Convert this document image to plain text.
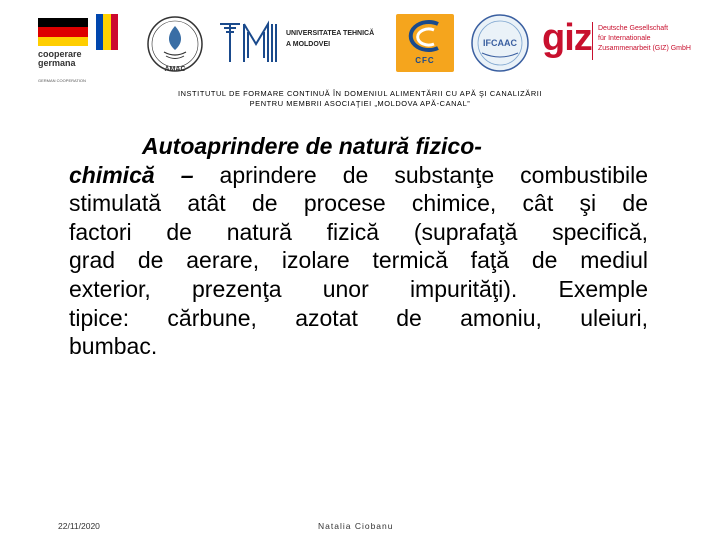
cooperare
germana
GERMAN COOPERATION
AMAC
UNIVERSITATEA TEHNICĂ
A MOLDOVEI
CFC
IFCAAC giz Deutsche Gesellschaft
für Internationale
Zusammenarbeit (GIZ) GmbH
INSTITUTUL DE FORMARE CONTINUĂ ÎN DOMENIUL ALIMENTĂRII CU APĂ ŞI CANALIZĂRII
PENTRU MEMBRII ASOCIAŢIEI „MOLDOVA APĂ-CANAL”
Autoaprindere de natură fizico-
chimică – aprindere de substanţe combustibile
stimulată atât de procese chimice, cât şi de
factori de natură fizică (suprafaţă specifică,
grad de aerare, izolare termică faţă de mediul
exterior, prezenţa unor impurităţi). Exemple
tipice: cărbune, azotat de amoniu, uleiuri,
bumbac.
22/11/2020	Natalia Ciobanu
